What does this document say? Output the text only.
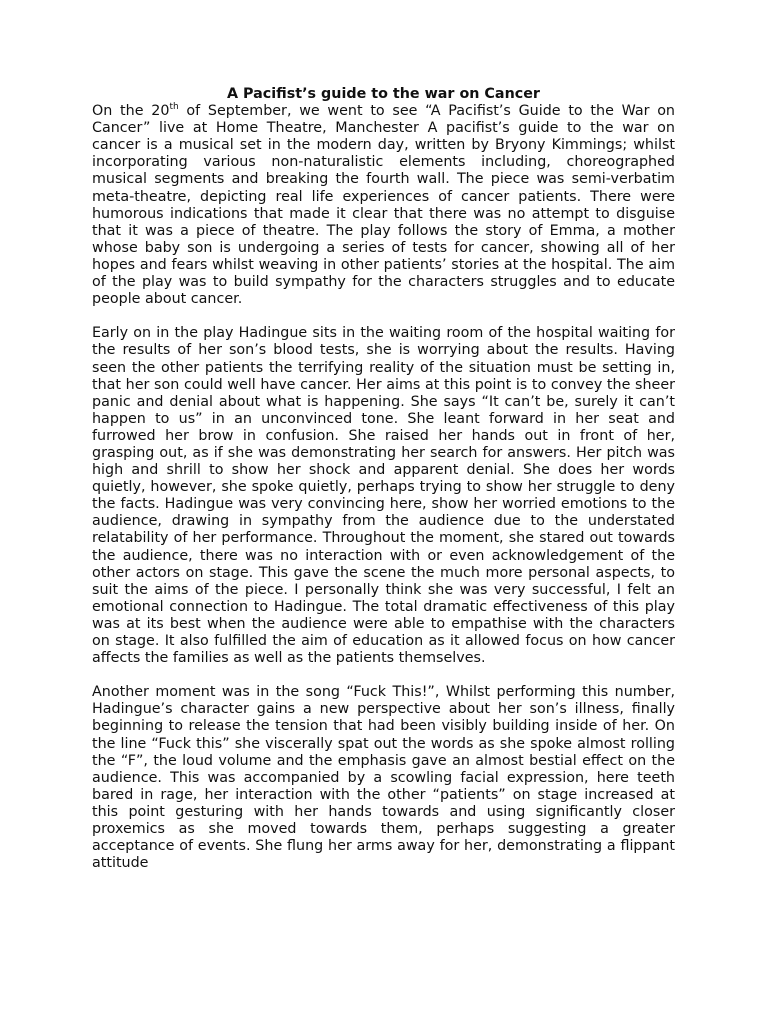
A Pacifist’s guide to the war on Cancer

On the 20th of September, we went to see “A Pacifist’s Guide to the War on Cancer” live at Home Theatre, Manchester A pacifist’s guide to the war on cancer is a musical set in the modern day, written by Bryony Kimmings; whilst incorporating various non-naturalistic elements including, choreographed musical segments and breaking the fourth wall. The piece was semi-verbatim meta-theatre, depicting real life experiences of cancer patients. There were humorous indications that made it clear that there was no attempt to disguise that it was a piece of theatre. The play follows the story of Emma, a mother whose baby son is undergoing a series of tests for cancer, showing all of her hopes and fears whilst weaving in other patients’ stories at the hospital. The aim of the play was to build sympathy for the characters struggles and to educate people about cancer.

Early on in the play Hadingue sits in the waiting room of the hospital waiting for the results of her son’s blood tests, she is worrying about the results. Having seen the other patients the terrifying reality of the situation must be setting in, that her son could well have cancer. Her aims at this point is to convey the sheer panic and denial about what is happening. She says “It can’t be, surely it can’t happen to us” in an unconvinced tone. She leant forward in her seat and furrowed her brow in confusion. She raised her hands out in front of her, grasping out, as if she was demonstrating her search for answers. Her pitch was high and shrill to show her shock and apparent denial. She does her words quietly, however, she spoke quietly, perhaps trying to show her struggle to deny the facts. Hadingue was very convincing here, show her worried emotions to the audience, drawing in sympathy from the audience due to the understated relatability of her performance. Throughout the moment, she stared out towards the audience, there was no interaction with or even acknowledgement of the other actors on stage. This gave the scene the much more personal aspects, to suit the aims of the piece. I personally think she was very successful, I felt an emotional connection to Hadingue. The total dramatic effectiveness of this play was at its best when the audience were able to empathise with the characters on stage. It also fulfilled the aim of education as it allowed focus on how cancer affects the families as well as the patients themselves.

Another moment was in the song “Fuck This!”, Whilst performing this number, Hadingue’s character gains a new perspective about her son’s illness, finally beginning to release the tension that had been visibly building inside of her. On the line “Fuck this” she viscerally spat out the words as she spoke almost rolling the “F”, the loud volume and the emphasis gave an almost bestial effect on the audience. This was accompanied by a scowling facial expression, here teeth bared in rage, her interaction with the other “patients” on stage increased at this point gesturing with her hands towards and using significantly closer proxemics as she moved towards them, perhaps suggesting a greater acceptance of events. She flung her arms away for her, demonstrating a flippant attitude
